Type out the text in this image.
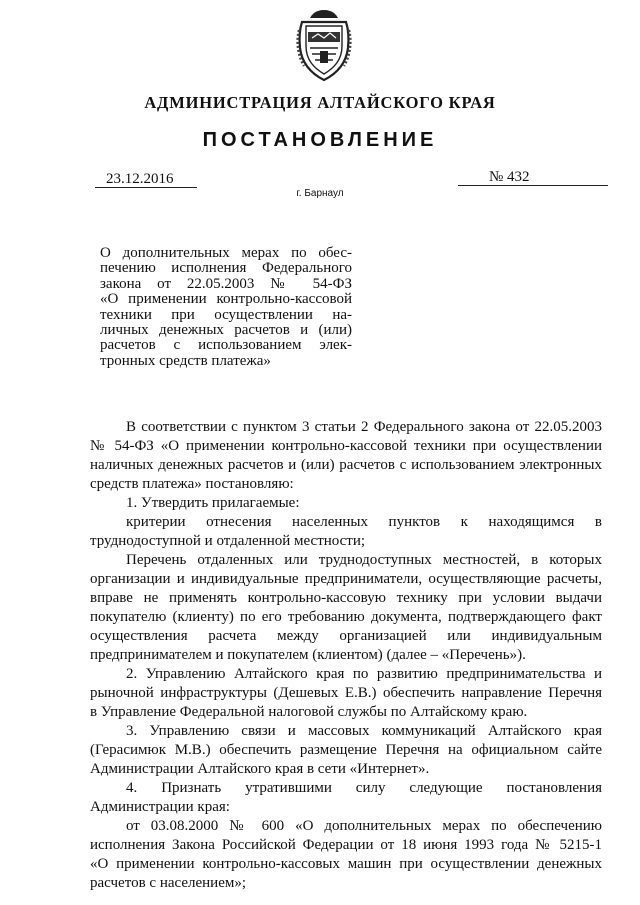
АДМИНИСТРАЦИЯ АЛТАЙСКОГО КРАЯ
ПОСТАНОВЛЕНИЕ
23.12.2016	№ 432
г. Барнаул
О дополнительных мерах по обес-
печению исполнения Федерального
закона от 22.05.2003 № 54-ФЗ
«О применении контрольно-кассовой
техники при осуществлении на-
личных денежных расчетов и (или)
расчетов с использованием элек-
тронных средств платежа»
В соответствии с пунктом 3 статьи 2 Федерального закона от 22.05.2003
№ 54-ФЗ «О применении контрольно-кассовой техники при осуществлении
наличных денежных расчетов и (или) расчетов с использованием электронных
средств платежа» постановляю:
1. Утвердить прилагаемые:
критерии отнесения населенных пунктов к находящимся в
труднодоступной и отдаленной местности;
Перечень отдаленных или труднодоступных местностей, в которых
организации и индивидуальные предприниматели, осуществляющие расчеты,
вправе не применять контрольно-кассовую технику при условии выдачи
покупателю (клиенту) по его требованию документа, подтверждающего факт
осуществления расчета между организацией или индивидуальным
предпринимателем и покупателем (клиентом) (далее – «Перечень»).
2. Управлению Алтайского края по развитию предпринимательства и
рыночной инфраструктуры (Дешевых Е.В.) обеспечить направление Перечня
в Управление Федеральной налоговой службы по Алтайскому краю.
3. Управлению связи и массовых коммуникаций Алтайского края
(Герасимюк М.В.) обеспечить размещение Перечня на официальном сайте
Администрации Алтайского края в сети «Интернет».
4. Признать утратившими силу следующие постановления
Администрации края:
от 03.08.2000 № 600 «О дополнительных мерах по обеспечению
исполнения Закона Российской Федерации от 18 июня 1993 года № 5215-1
«О применении контрольно-кассовых машин при осуществлении денежных
расчетов с населением»;
